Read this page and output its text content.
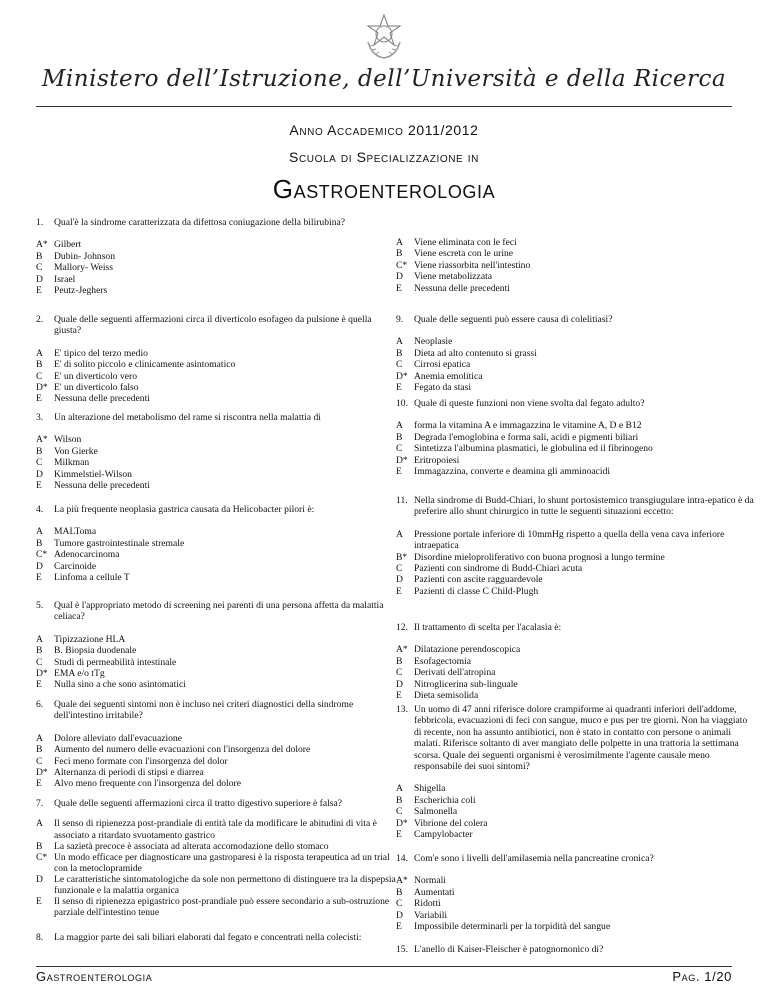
Ministero dell’Istruzione, dell’Università e della Ricerca
Anno Accademico 2011/2012
Scuola di Specializzazione in
Gastroenterologia
1.	Qual'è la sindrome caratterizzata da difettosa coniugazione della bilirubina?
A* Gilbert
B	Dubin- Johnson
C	Mallory- Weiss
D	Israel
E	Peutz-Jeghers
2.	Quale delle seguenti affermazioni circa il diverticolo esofageo da pulsione è quella giusta?
A	E' tipico del terzo medio
B	E' di solito piccolo e clinicamente asintomatico
C	E' un diverticolo vero
D* E' un diverticolo falso
E	Nessuna delle precedenti
3.	Un alterazione del metabolismo del rame si riscontra nella malattia di
A* Wilson
B	Von Gierke
C	Milkman
D	Kimmelstiel-Wilson
E	Nessuna delle precedenti
4.	La più frequente neoplasia gastrica causata da Helicobacter pilori è:
A	MALToma
B	Tumore gastrointestinale stremale
C* Adenocarcinoma
D	Carcinoide
E	Linfoma a cellule T
5.	Qual è l'appropriato metodo di screening nei parenti di una persona affetta da malattia celiaca?
A	Tipizzazione HLA
B	B. Biopsia duodenale
C	Studi di permeabilità intestinale
D* EMA e/o tTg
E	Nulla sino a che sono asintomatici
6.	Quale dei seguenti sintomi non è incluso nei criteri diagnostici della sindrome dell'intestino irritabile?
A	Dolore alleviato dall'evacuazione
B	Aumento del numero delle evacuazioni con l'insorgenza del dolore
C	Feci meno formate con l'insorgenza del dolor
D* Alternanza di periodi di stipsi e diarrea
E	Alvo meno frequente con l'insorgenza del dolore
7.	Quale delle seguenti affermazioni circa il tratto digestivo superiore è falsa?
A	Il senso di ripienezza post-prandiale di entità tale da modificare le abitudini di vita è associato a ritardato svuotamento gastrico
B	La sazietà precoce è associata ad alterata accomodazione dello stomaco
C* Un modo efficace per diagnosticare una gastroparesi è la risposta terapeutica ad un trial con la metoclopramide
D	Le caratteristiche sintomatologiche da sole non permettono di distinguere tra la dispepsia funzionale e la malattia organica
E	Il senso di ripienezza epigastrico post-prandiale può essere secondario a sub-ostruzione parziale dell'intestino tenue
8.	La maggior parte dei sali biliari elaborati dal fegato e concentrati nella colecisti:
A	Viene eliminata con le feci
B	Viene escreta con le urine
C* Viene riassorbita nell'intestino
D	Viene metabolizzata
E	Nessuna delle precedenti
9.	Quale delle seguenti può essere causa di colelitiasi?
A	Neoplasie
B	Dieta ad alto contenuto si grassi
C	Cirrosi epatica
D* Anemia emolitica
E	Fegato da stasi
10. Quale di queste funzioni non viene svolta dal fegato adulto?
A	forma la vitamina A e immagazzina le vitamine A, D e B12
B	Degrada l'emoglobina e forma sali, acidi e pigmenti biliari
C	Sintetizza l'albumina plasmatici, le globulina ed il fibrinogeno
D* Eritropoiesi
E	Immagazzina, converte e deamina gli amminoacidi
11. Nella sindrome di Budd-Chiari, lo shunt portosistemico transgiugulare intra-epatico è da preferire allo shunt chirurgico in tutte le seguenti situazioni eccetto:
A	Pressione portale inferiore di 10mmHg rispetto a quella della vena cava inferiore intraepatica
B* Disordine mieloproliferativo con buona prognosi a lungo termine
C	Pazienti con sindrome di Budd-Chiari acuta
D	Pazienti con ascite ragguardevole
E	Pazienti di classe C Child-Plugh
12. Il trattamento di scelta per l'acalasia è:
A* Dilatazione perendoscopica
B	Esofagectomia
C	Derivati dell'atropina
D	Nitroglicerina sub-linguale
E	Dieta semisolida
13. Un uomo di 47 anni riferisce dolore crampiforme ai quadranti inferiori dell'addome, febbricola, evacuazioni di feci con sangue, muco e pus per tre giorni. Non ha viaggiato di recente, non ha assunto antibiotici, non è stato in contatto con persone o animali malati. Riferisce soltanto di aver mangiato delle polpette in una trattoria la settimana scorsa. Quale dei seguenti organismi è verosimilmente l'agente causale meno responsabile dei suoi sintomi?
A	Shigella
B	Escherichia coli
C	Salmonella
D* Vibrione del colera
E	Campylobacter
14. Com'e sono i livelli dell'amilasemia nella pancreatine cronica?
A* Normali
B	Aumentati
C	Ridotti
D	Variabili
E	Impossibile determinarli per la torpidità del sangue
15. L'anello di Kaiser-Fleischer è patognomonico di?
Gastroenterologia	Pag. 1/20
